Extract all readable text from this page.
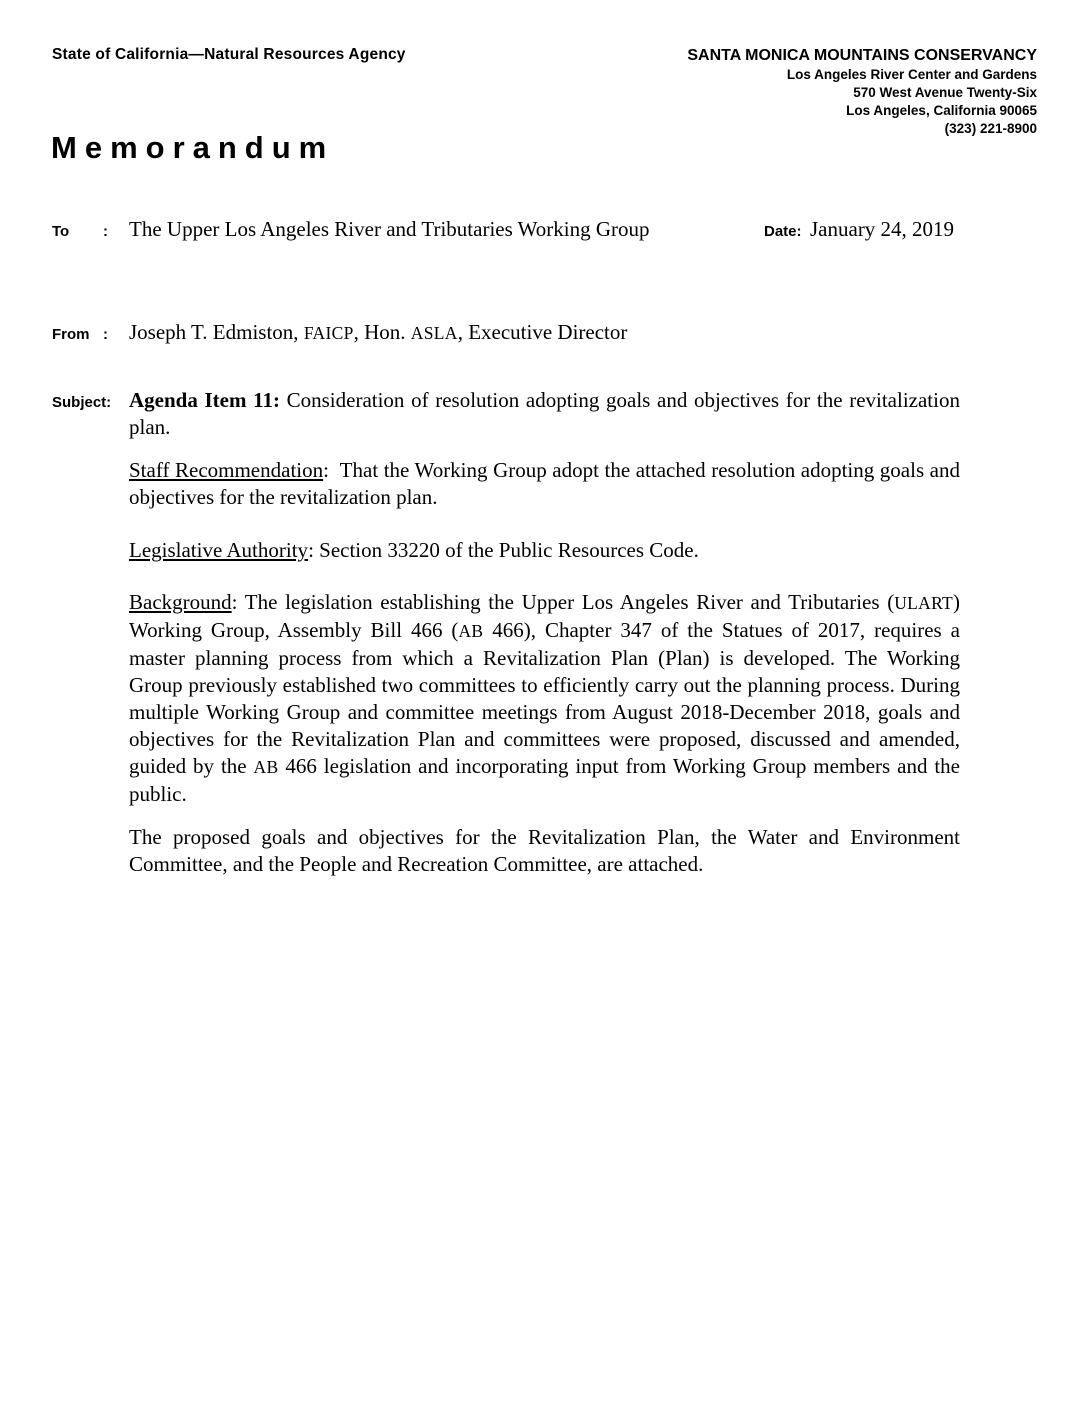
State of California—Natural Resources Agency	SANTA MONICA MOUNTAINS CONSERVANCY
Los Angeles River Center and Gardens
570 West Avenue Twenty-Six
Los Angeles, California 90065
(323) 221-8900
Memorandum
To : The Upper Los Angeles River and Tributaries Working Group	Date: January 24, 2019
From : Joseph T. Edmiston, FAICP, Hon. ASLA, Executive Director
Subject: Agenda Item 11: Consideration of resolution adopting goals and objectives for the revitalization plan.

Staff Recommendation:  That the Working Group adopt the attached resolution adopting goals and objectives for the revitalization plan.

Legislative Authority: Section 33220 of the Public Resources Code.

Background: The legislation establishing the Upper Los Angeles River and Tributaries (ULART) Working Group, Assembly Bill 466 (AB 466), Chapter 347 of the Statues of 2017, requires a master planning process from which a Revitalization Plan (Plan) is developed. The Working Group previously established two committees to efficiently carry out the planning process. During multiple Working Group and committee meetings from August 2018-December 2018, goals and objectives for the Revitalization Plan and committees were proposed, discussed and amended, guided by the AB 466 legislation and incorporating input from Working Group members and the public.

The proposed goals and objectives for the Revitalization Plan, the Water and Environment Committee, and the People and Recreation Committee, are attached.
